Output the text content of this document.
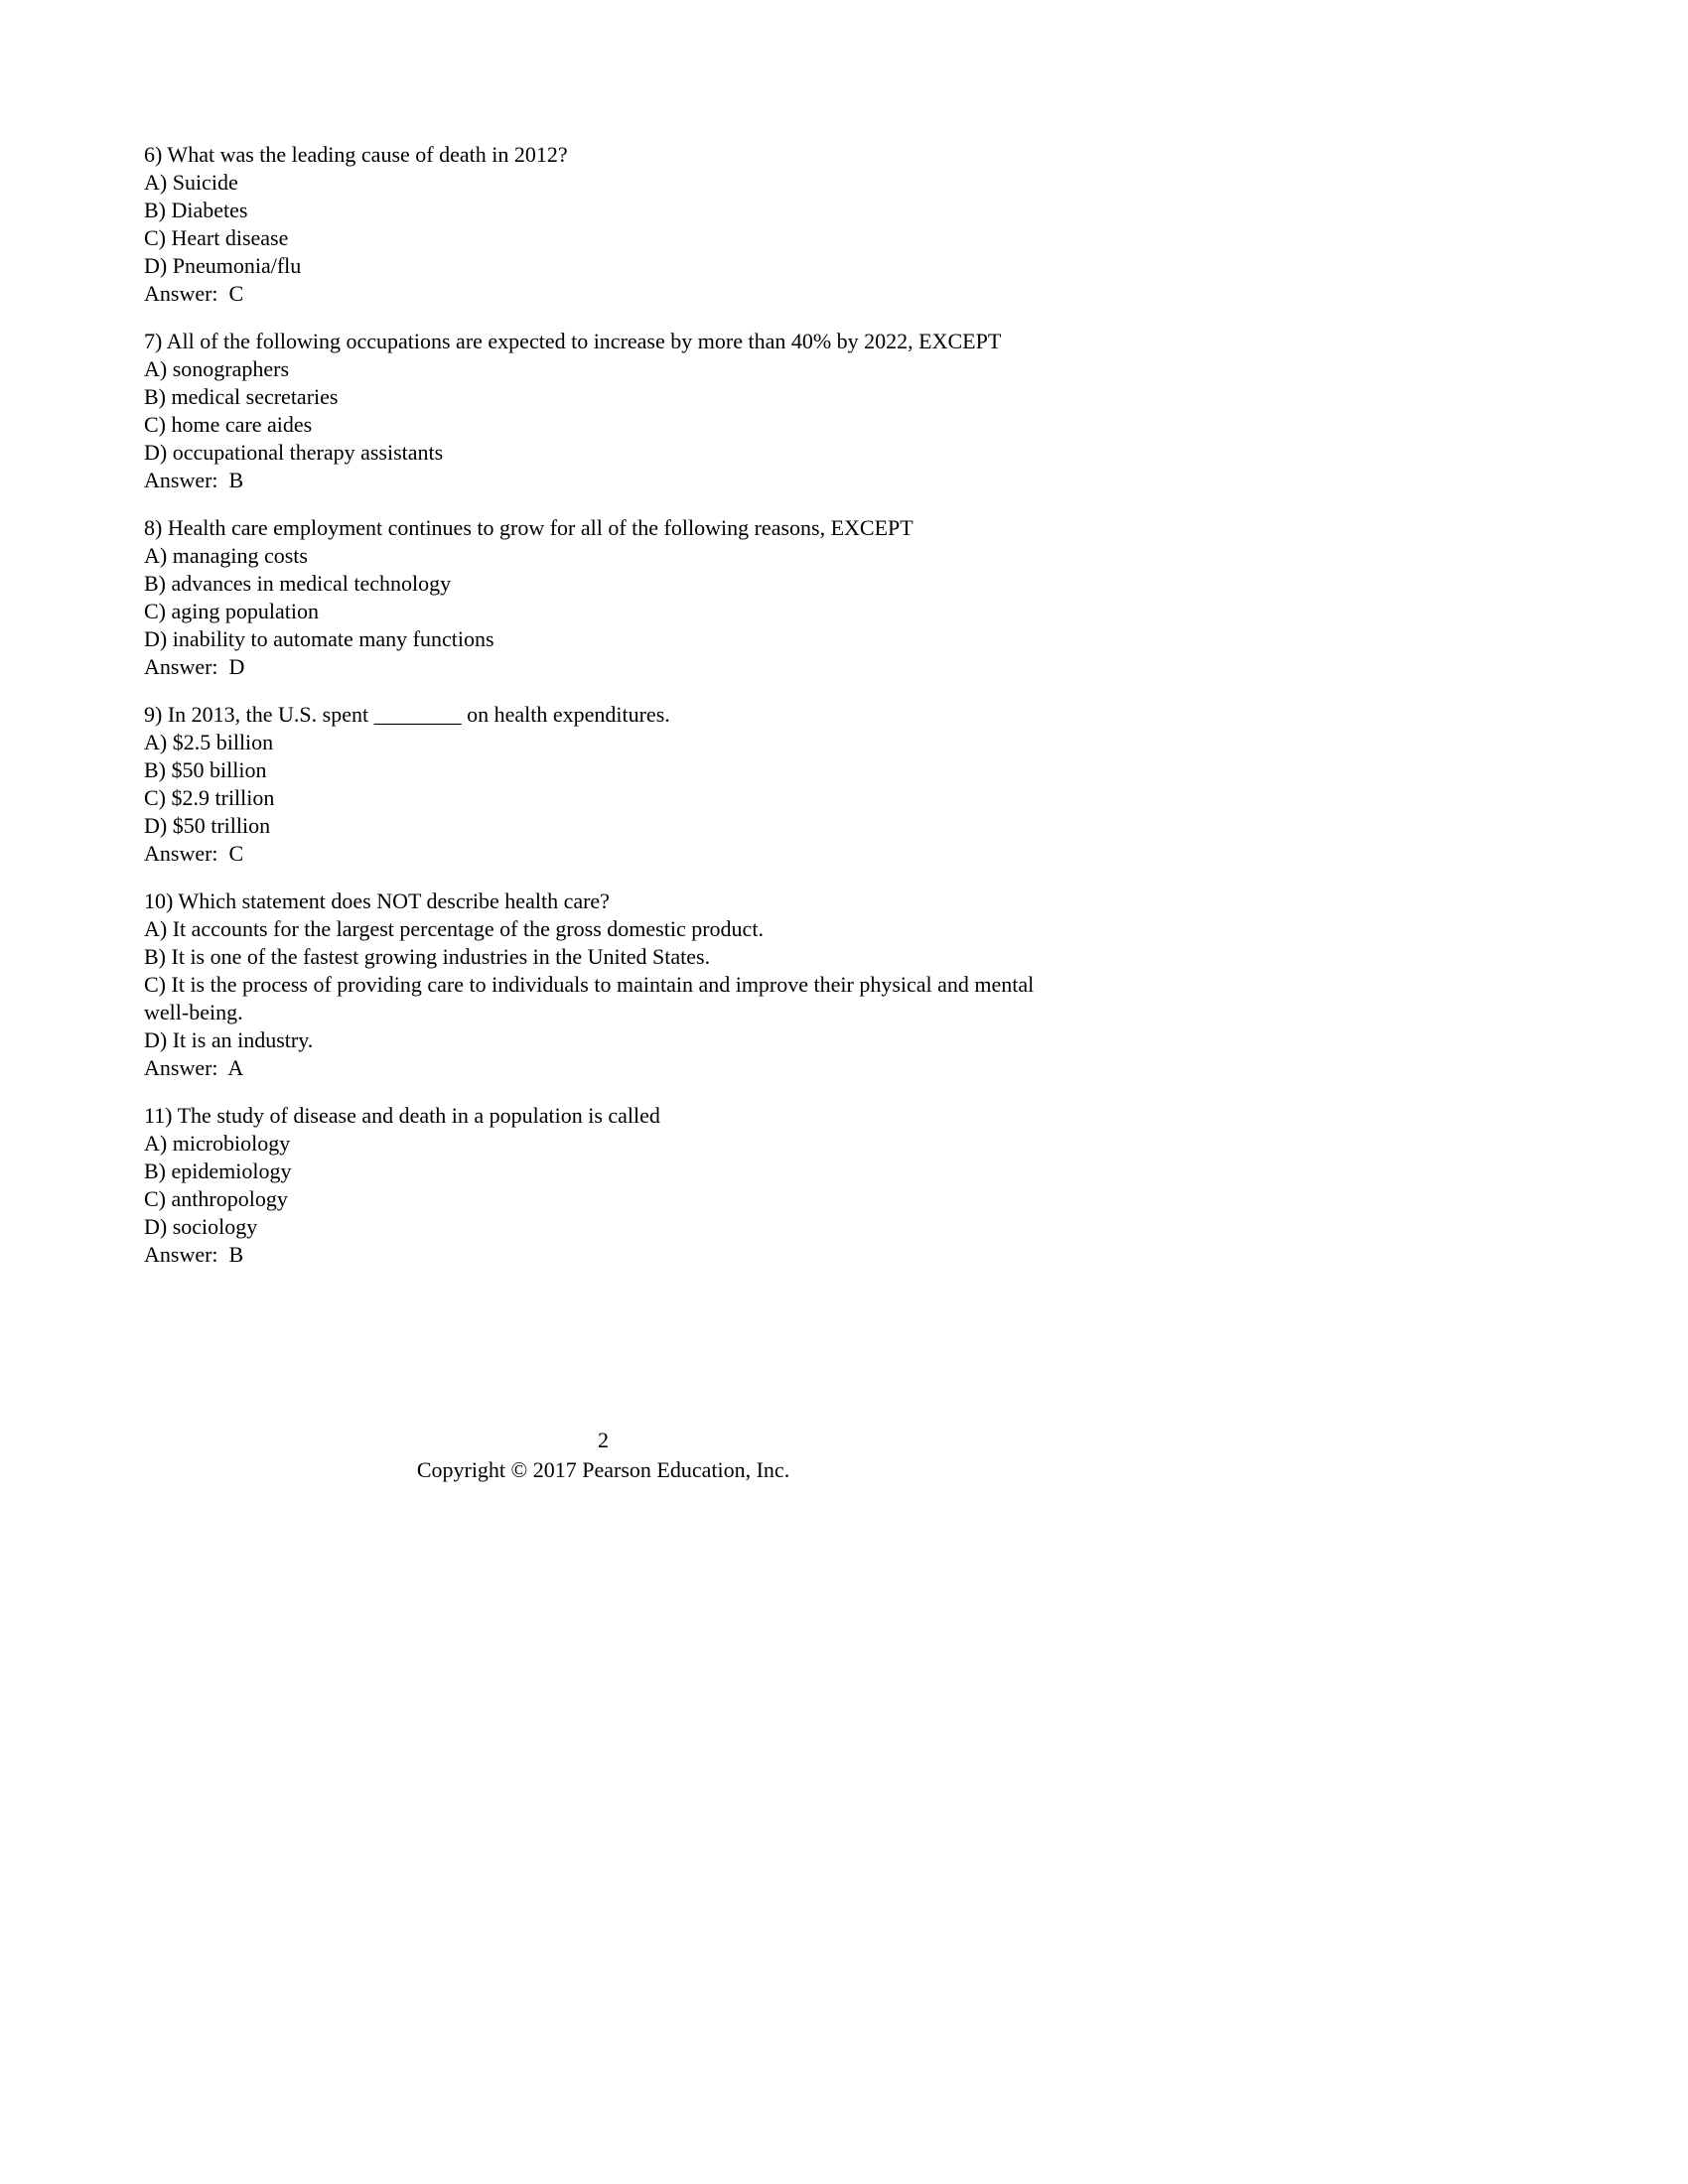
6) What was the leading cause of death in 2012?

A) Suicide

B) Diabetes

C) Heart disease

D) Pneumonia/flu

Answer:  C

7) All of the following occupations are expected to increase by more than 40% by 2022, EXCEPT

A) sonographers

B) medical secretaries

C) home care aides

D) occupational therapy assistants

Answer:  B

8) Health care employment continues to grow for all of the following reasons, EXCEPT

A) managing costs

B) advances in medical technology

C) aging population

D) inability to automate many functions

Answer:  D

9) In 2013, the U.S. spent ________ on health expenditures.

A) $2.5 billion

B) $50 billion

C) $2.9 trillion

D) $50 trillion

Answer:  C

10) Which statement does NOT describe health care?

A) It accounts for the largest percentage of the gross domestic product.

B) It is one of the fastest growing industries in the United States.

C) It is the process of providing care to individuals to maintain and improve their physical and mental well-being.

D) It is an industry.

Answer:  A

11) The study of disease and death in a population is called

A) microbiology

B) epidemiology

C) anthropology

D) sociology

Answer:  B

2
Copyright © 2017 Pearson Education, Inc.
